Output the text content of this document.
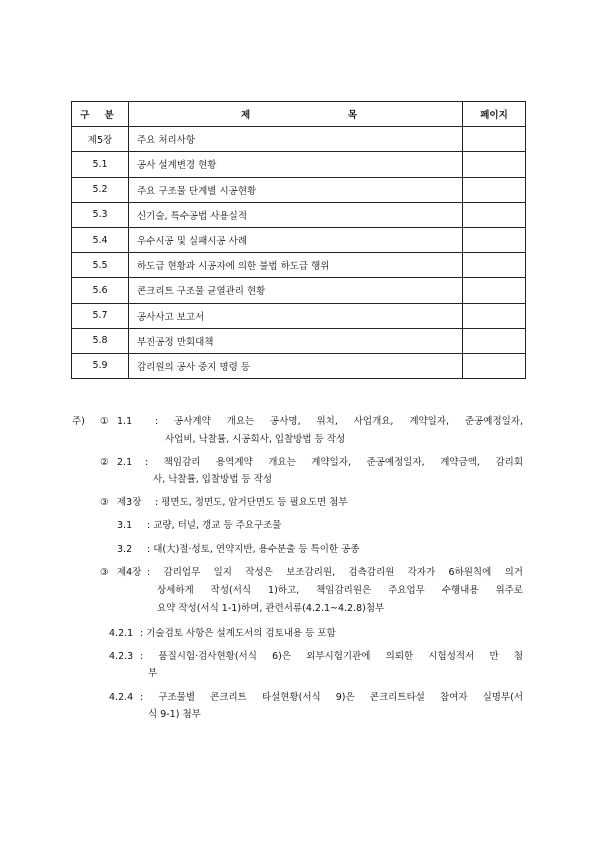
구 분	제 목	페이지
제5장	주요 처리사항	
5.1	공사 설계변경 현황	
5.2	주요 구조물 단계별 시공현황	
5.3	신기술, 특수공법 사용실적	
5.4	우수시공 및 실패시공 사례	
5.5	하도급 현황과 시공자에 의한 불법 하도급 행위	
5.6	콘크리트 구조물 균열관리 현황	
5.7	공사사고 보고서	
5.8	부진공정 만회대책	
5.9	감리원의 공사 중지 명령 등	
주) ① 1.1 : 공사계약 개요는 공사명, 위치, 사업개요, 계약일자, 준공예정일자,
사업비, 낙찰률, 시공회사, 입찰방법 등 작성
② 2.1 : 책임감리 용역계약 개요는 계약일자, 준공예정일자, 계약금액, 감리회
사, 낙찰률, 입찰방법 등 작성
③ 제3장 : 평면도, 정면도, 암거단면도 등 필요도면 첨부
3.1 : 교량, 터널, 갱교 등 주요구조물
3.2 : 대(大)절·성토, 연약지반, 용수분출 등 특이한 공종
③ 제4장 : 감리업무 일지 작성은 보조감리원, 검측감리원 각자가 6하원칙에 의거
상세하게 작성(서식 1)하고, 책임감리원은 주요업무 수행내용 위주로
요약 작성(서식 1-1)하며, 관련서류(4.2.1~4.2.8)첨부
4.2.1 : 기술검토 사항은 설계도서의 검토내용 등 포함
4.2.3 : 품질시험·검사현황(서식 6)은 외부시험기관에 의뢰한 시험성적서 만 첨
부
4.2.4 : 구조물별 콘크리트 타설현황(서식 9)은 콘크리트타설 참여자 실명부(서
식 9-1) 첨부
